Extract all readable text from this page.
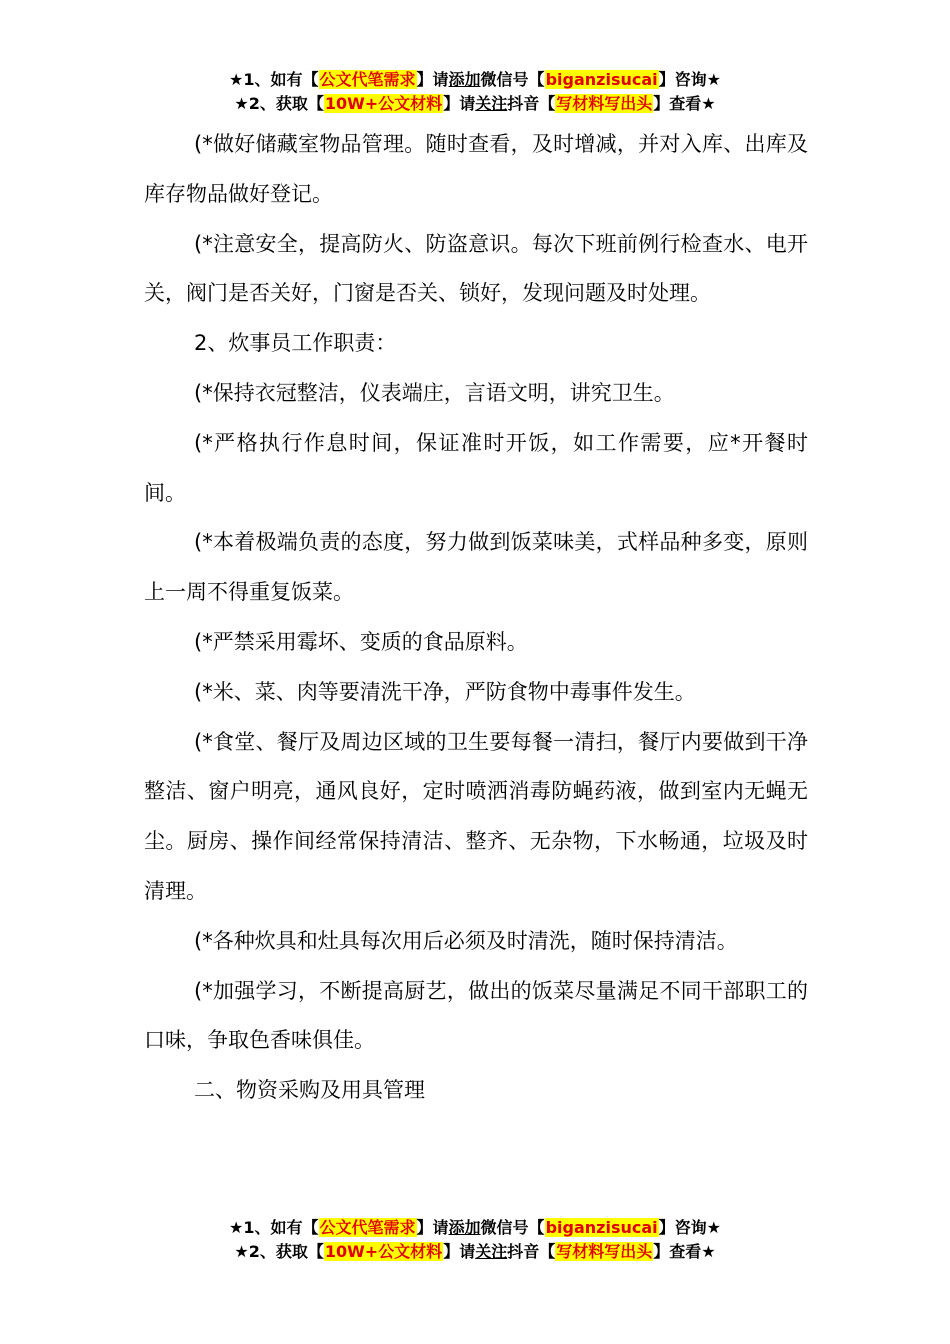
★1、如有【公文代笔需求】请添加微信号【biganzisucai】咨询★
★2、获取【10W+公文材料】请关注抖音【写材料写出头】查看★

(*做好储藏室物品管理。随时查看，及时增减，并对入库、出库及库存物品做好登记。

(*注意安全，提高防火、防盗意识。每次下班前例行检查水、电开关，阀门是否关好，门窗是否关、锁好，发现问题及时处理。

2、炊事员工作职责：

(*保持衣冠整洁，仪表端庄，言语文明，讲究卫生。

(*严格执行作息时间，保证准时开饭，如工作需要，应*开餐时间。

(*本着极端负责的态度，努力做到饭菜味美，式样品种多变，原则上一周不得重复饭菜。

(*严禁采用霉坏、变质的食品原料。

(*米、菜、肉等要清洗干净，严防食物中毒事件发生。

(*食堂、餐厅及周边区域的卫生要每餐一清扫，餐厅内要做到干净整洁、窗户明亮，通风良好，定时喷洒消毒防蝇药液，做到室内无蝇无尘。厨房、操作间经常保持清洁、整齐、无杂物，下水畅通，垃圾及时清理。

(*各种炊具和灶具每次用后必须及时清洗，随时保持清洁。

(*加强学习，不断提高厨艺，做出的饭菜尽量满足不同干部职工的口味，争取色香味俱佳。

二、物资采购及用具管理

★1、如有【公文代笔需求】请添加微信号【biganzisucai】咨询★
★2、获取【10W+公文材料】请关注抖音【写材料写出头】查看★
